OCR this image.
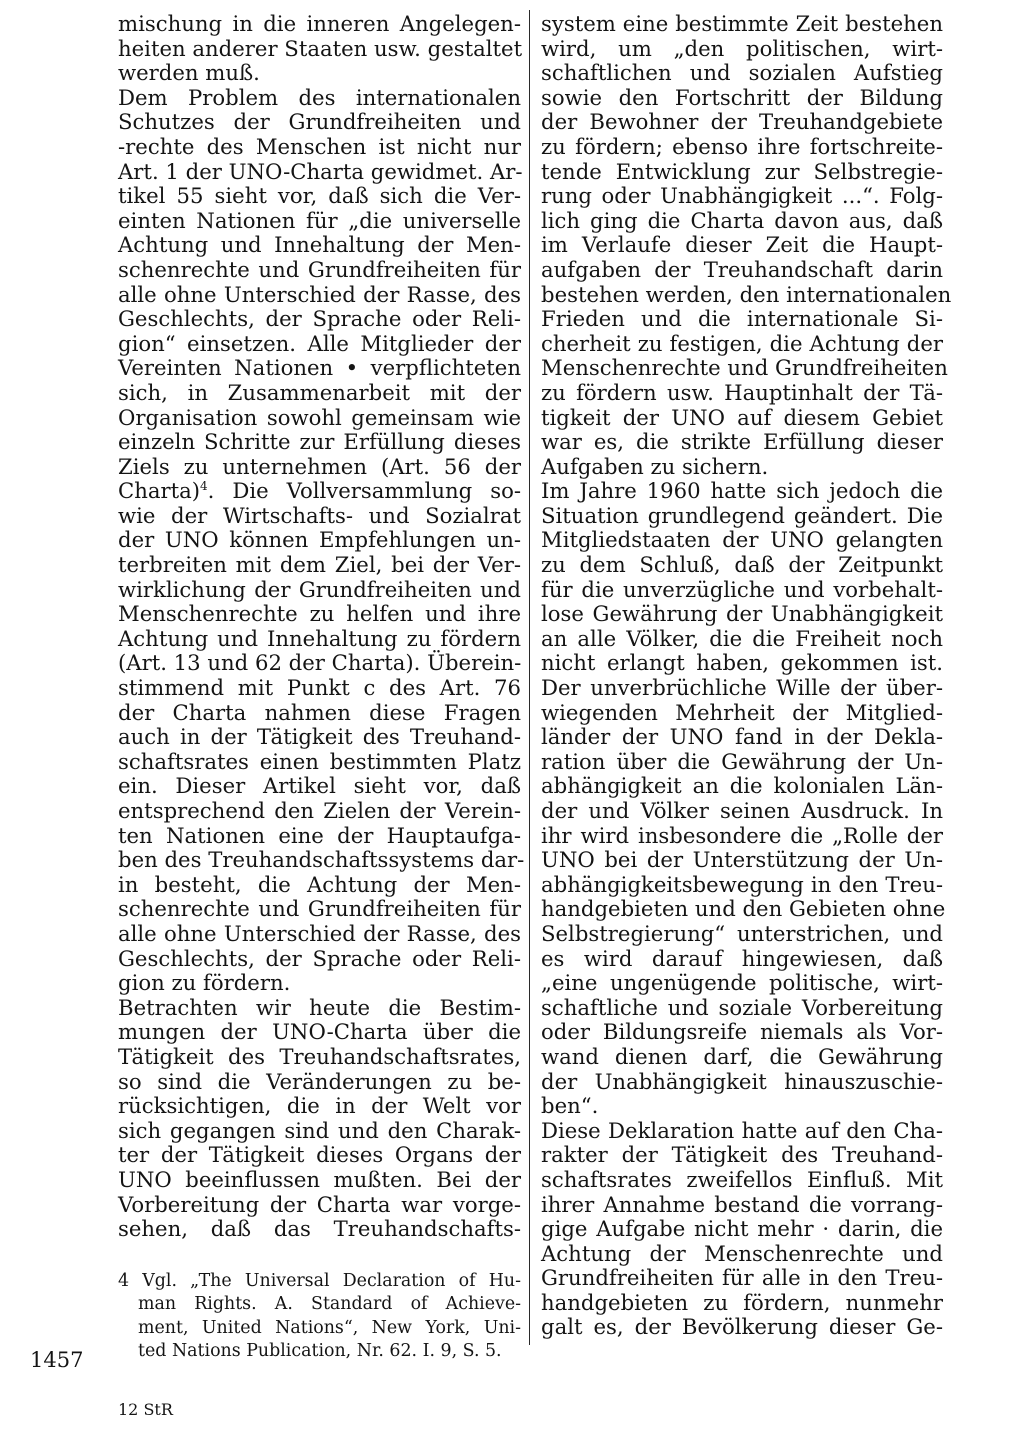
mischung in die inneren Angelegen-
heiten anderer Staaten usw. gestaltet
werden muß.

Dem Problem des internationalen
Schutzes der Grundfreiheiten und
-rechte des Menschen ist nicht nur
Art. 1 der UNO-Charta gewidmet. Ar-
tikel 55 sieht vor, daß sich die Ver-
einten Nationen für „die universelle
Achtung und Innehaltung der Men-
schenrechte und Grundfreiheiten für
alle ohne Unterschied der Rasse, des
Geschlechts, der Sprache oder Reli-
gion“ einsetzen. Alle Mitglieder der
Vereinten Nationen • verpflichteten
sich, in Zusammenarbeit mit der
Organisation sowohl gemeinsam wie
einzeln Schritte zur Erfüllung dieses
Ziels zu unternehmen (Art. 56 der
Charta)$^4$. Die Vollversammlung so-
wie der Wirtschafts- und Sozialrat
der UNO können Empfehlungen un-
terbreiten mit dem Ziel, bei der Ver-
wirklichung der Grundfreiheiten und
Menschenrechte zu helfen und ihre
Achtung und Innehaltung zu fördern
(Art. 13 und 62 der Charta). Überein-
stimmend mit Punkt c des Art. 76
der Charta nahmen diese Fragen
auch in der Tätigkeit des Treuhand-
schaftsrates einen bestimmten Platz
ein. Dieser Artikel sieht vor, daß
entsprechend den Zielen der Verein-
ten Nationen eine der Hauptaufga-
ben des Treuhandschaftssystems dar-
in besteht, die Achtung der Men-
schenrechte und Grundfreiheiten für
alle ohne Unterschied der Rasse, des
Geschlechts, der Sprache oder Reli-
gion zu fördern.

Betrachten wir heute die Bestim-
mungen der UNO-Charta über die
Tätigkeit des Treuhandschaftsrates,
so sind die Veränderungen zu be-
rücksichtigen, die in der Welt vor
sich gegangen sind und den Charak-
ter der Tätigkeit dieses Organs der
UNO beeinflussen mußten. Bei der
Vorbereitung der Charta war vorge-
sehen, daß das Treuhandschafts-

system eine bestimmte Zeit bestehen
wird, um „den politischen, wirt-
schaftlichen und sozialen Aufstieg
sowie den Fortschritt der Bildung
der Bewohner der Treuhandgebiete
zu fördern; ebenso ihre fortschreite-
tende Entwicklung zur Selbstregie-
rung oder Unabhängigkeit ...“. Folg-
lich ging die Charta davon aus, daß
im Verlaufe dieser Zeit die Haupt-
aufgaben der Treuhandschaft darin
bestehen werden, den internationalen
Frieden und die internationale Si-
cherheit zu festigen, die Achtung der
Menschenrechte und Grundfreiheiten
zu fördern usw. Hauptinhalt der Tä-
tigkeit der UNO auf diesem Gebiet
war es, die strikte Erfüllung dieser
Aufgaben zu sichern.

Im Jahre 1960 hatte sich jedoch die
Situation grundlegend geändert. Die
Mitgliedstaaten der UNO gelangten
zu dem Schluß, daß der Zeitpunkt
für die unverzügliche und vorbehalt-
lose Gewährung der Unabhängigkeit
an alle Völker, die die Freiheit noch
nicht erlangt haben, gekommen ist.
Der unverbrüchliche Wille der über-
wiegenden Mehrheit der Mitglied-
länder der UNO fand in der Dekla-
ration über die Gewährung der Un-
abhängigkeit an die kolonialen Län-
der und Völker seinen Ausdruck. In
ihr wird insbesondere die „Rolle der
UNO bei der Unterstützung der Un-
abhängigkeitsbewegung in den Treu-
handgebieten und den Gebieten ohne
Selbstregierung“ unterstrichen, und
es wird darauf hingewiesen, daß
„eine ungenügende politische, wirt-
schaftliche und soziale Vorbereitung
oder Bildungsreife niemals als Vor-
wand dienen darf, die Gewährung
der Unabhängigkeit hinauszuschie-
ben“.

Diese Deklaration hatte auf den Cha-
rakter der Tätigkeit des Treuhand-
schaftsrates zweifellos Einfluß. Mit
ihrer Annahme bestand die vorrang-
gige Aufgabe nicht mehr · darin, die
Achtung der Menschenrechte und
Grundfreiheiten für alle in den Treu-
handgebieten zu fördern, nunmehr
galt es, der Bevölkerung dieser Ge-

4 Vgl. „The Universal Declaration of Hu-
man Rights. A. Standard of Achieve-
ment, United Nations“, New York, Uni-
ted Nations Publication, Nr. 62. I. 9, S. 5.
1457
12 StR
